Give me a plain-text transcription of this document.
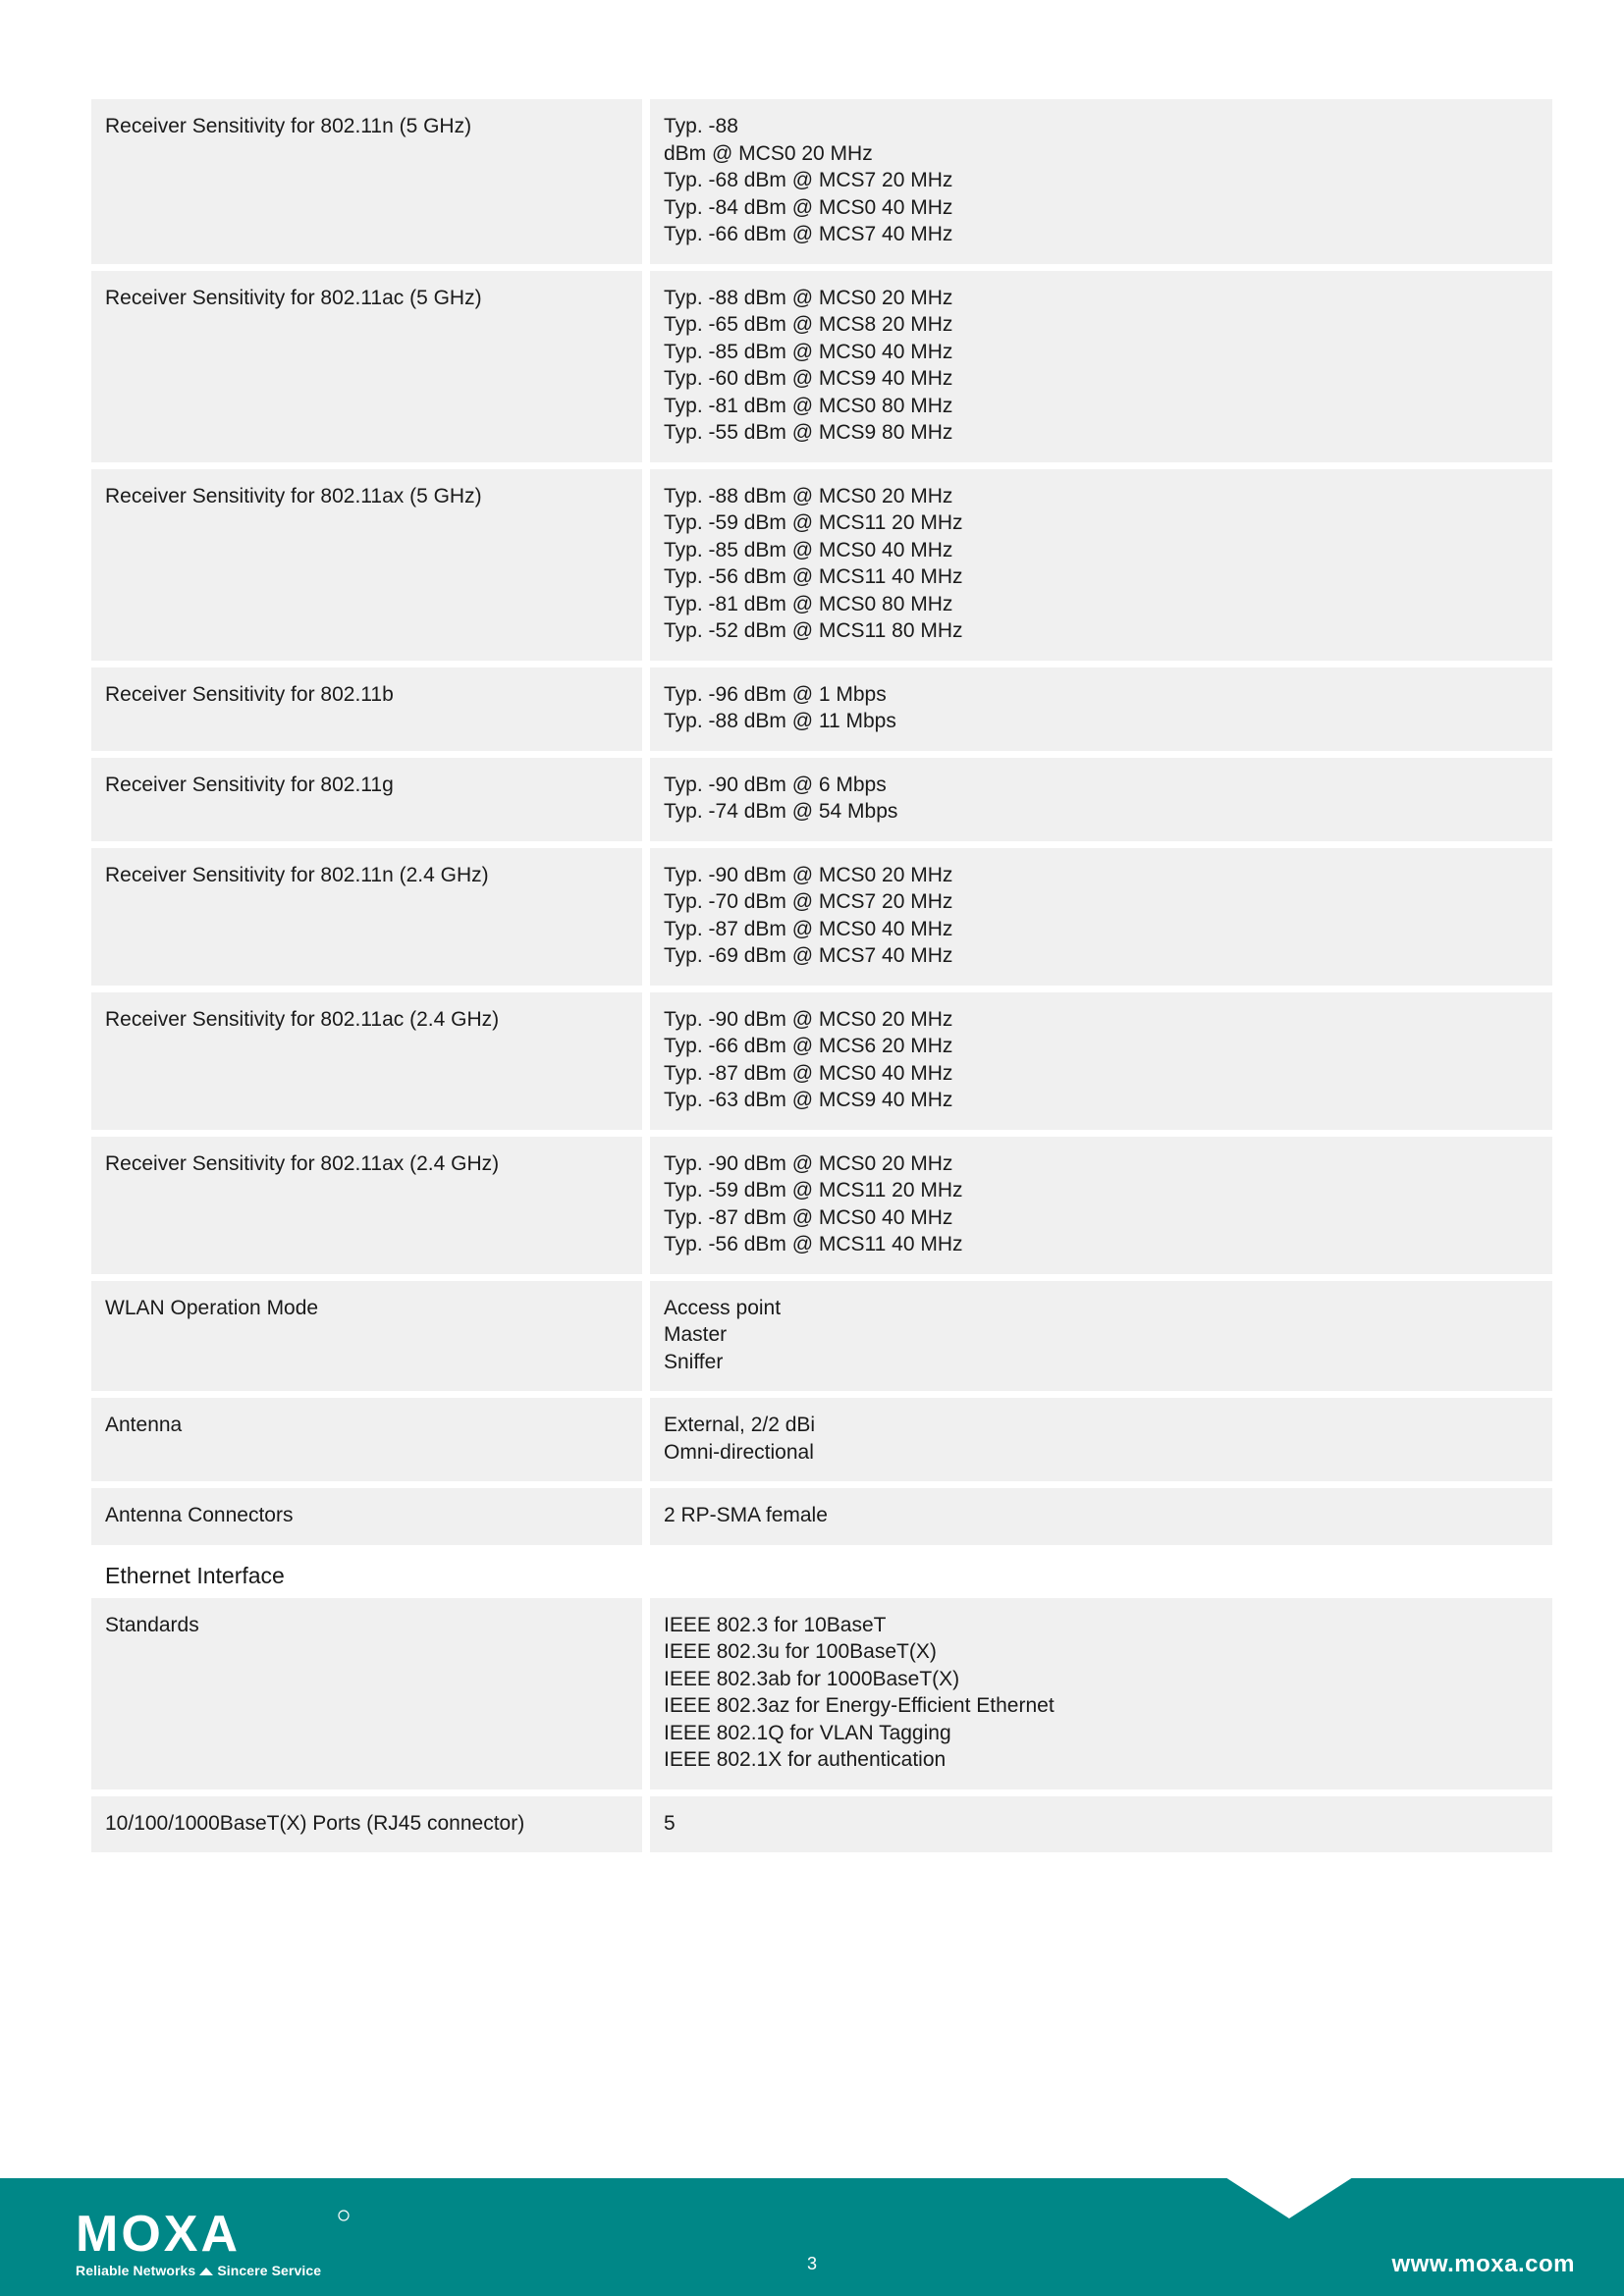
Receiver Sensitivity for 802.11n (5 GHz)	Typ. -88
dBm @ MCS0 20 MHz
Typ. -68 dBm @ MCS7 20 MHz
Typ. -84 dBm @ MCS0 40 MHz
Typ. -66 dBm @ MCS7 40 MHz
Receiver Sensitivity for 802.11ac (5 GHz)	Typ. -88 dBm @ MCS0 20 MHz
Typ. -65 dBm @ MCS8 20 MHz
Typ. -85 dBm @ MCS0 40 MHz
Typ. -60 dBm @ MCS9 40 MHz
Typ. -81 dBm @ MCS0 80 MHz
Typ. -55 dBm @ MCS9 80 MHz
Receiver Sensitivity for 802.11ax (5 GHz)	Typ. -88 dBm @ MCS0 20 MHz
Typ. -59 dBm @ MCS11 20 MHz
Typ. -85 dBm @ MCS0 40 MHz
Typ. -56 dBm @ MCS11 40 MHz
Typ. -81 dBm @ MCS0 80 MHz
Typ. -52 dBm @ MCS11 80 MHz
Receiver Sensitivity for 802.11b	Typ. -96 dBm @ 1 Mbps
Typ. -88 dBm @ 11 Mbps
Receiver Sensitivity for 802.11g	Typ. -90 dBm @ 6 Mbps
Typ. -74 dBm @ 54 Mbps
Receiver Sensitivity for 802.11n (2.4 GHz)	Typ. -90 dBm @ MCS0 20 MHz
Typ. -70 dBm @ MCS7 20 MHz
Typ. -87 dBm @ MCS0 40 MHz
Typ. -69 dBm @ MCS7 40 MHz
Receiver Sensitivity for 802.11ac (2.4 GHz)	Typ. -90 dBm @ MCS0 20 MHz
Typ. -66 dBm @ MCS6 20 MHz
Typ. -87 dBm @ MCS0 40 MHz
Typ. -63 dBm @ MCS9 40 MHz
Receiver Sensitivity for 802.11ax (2.4 GHz)	Typ. -90 dBm @ MCS0 20 MHz
Typ. -59 dBm @ MCS11 20 MHz
Typ. -87 dBm @ MCS0 40 MHz
Typ. -56 dBm @ MCS11 40 MHz
WLAN Operation Mode	Access point
Master
Sniffer
Antenna	External, 2/2 dBi
Omni-directional
Antenna Connectors	2 RP-SMA female
Ethernet Interface
Standards	IEEE 802.3 for 10BaseT
IEEE 802.3u for 100BaseT(X)
IEEE 802.3ab for 1000BaseT(X)
IEEE 802.3az for Energy-Efficient Ethernet
IEEE 802.1Q for VLAN Tagging
IEEE 802.1X for authentication
10/100/1000BaseT(X) Ports (RJ45 connector)	5
MOXA
Reliable Networks Sincere Service	3	www.moxa.com
